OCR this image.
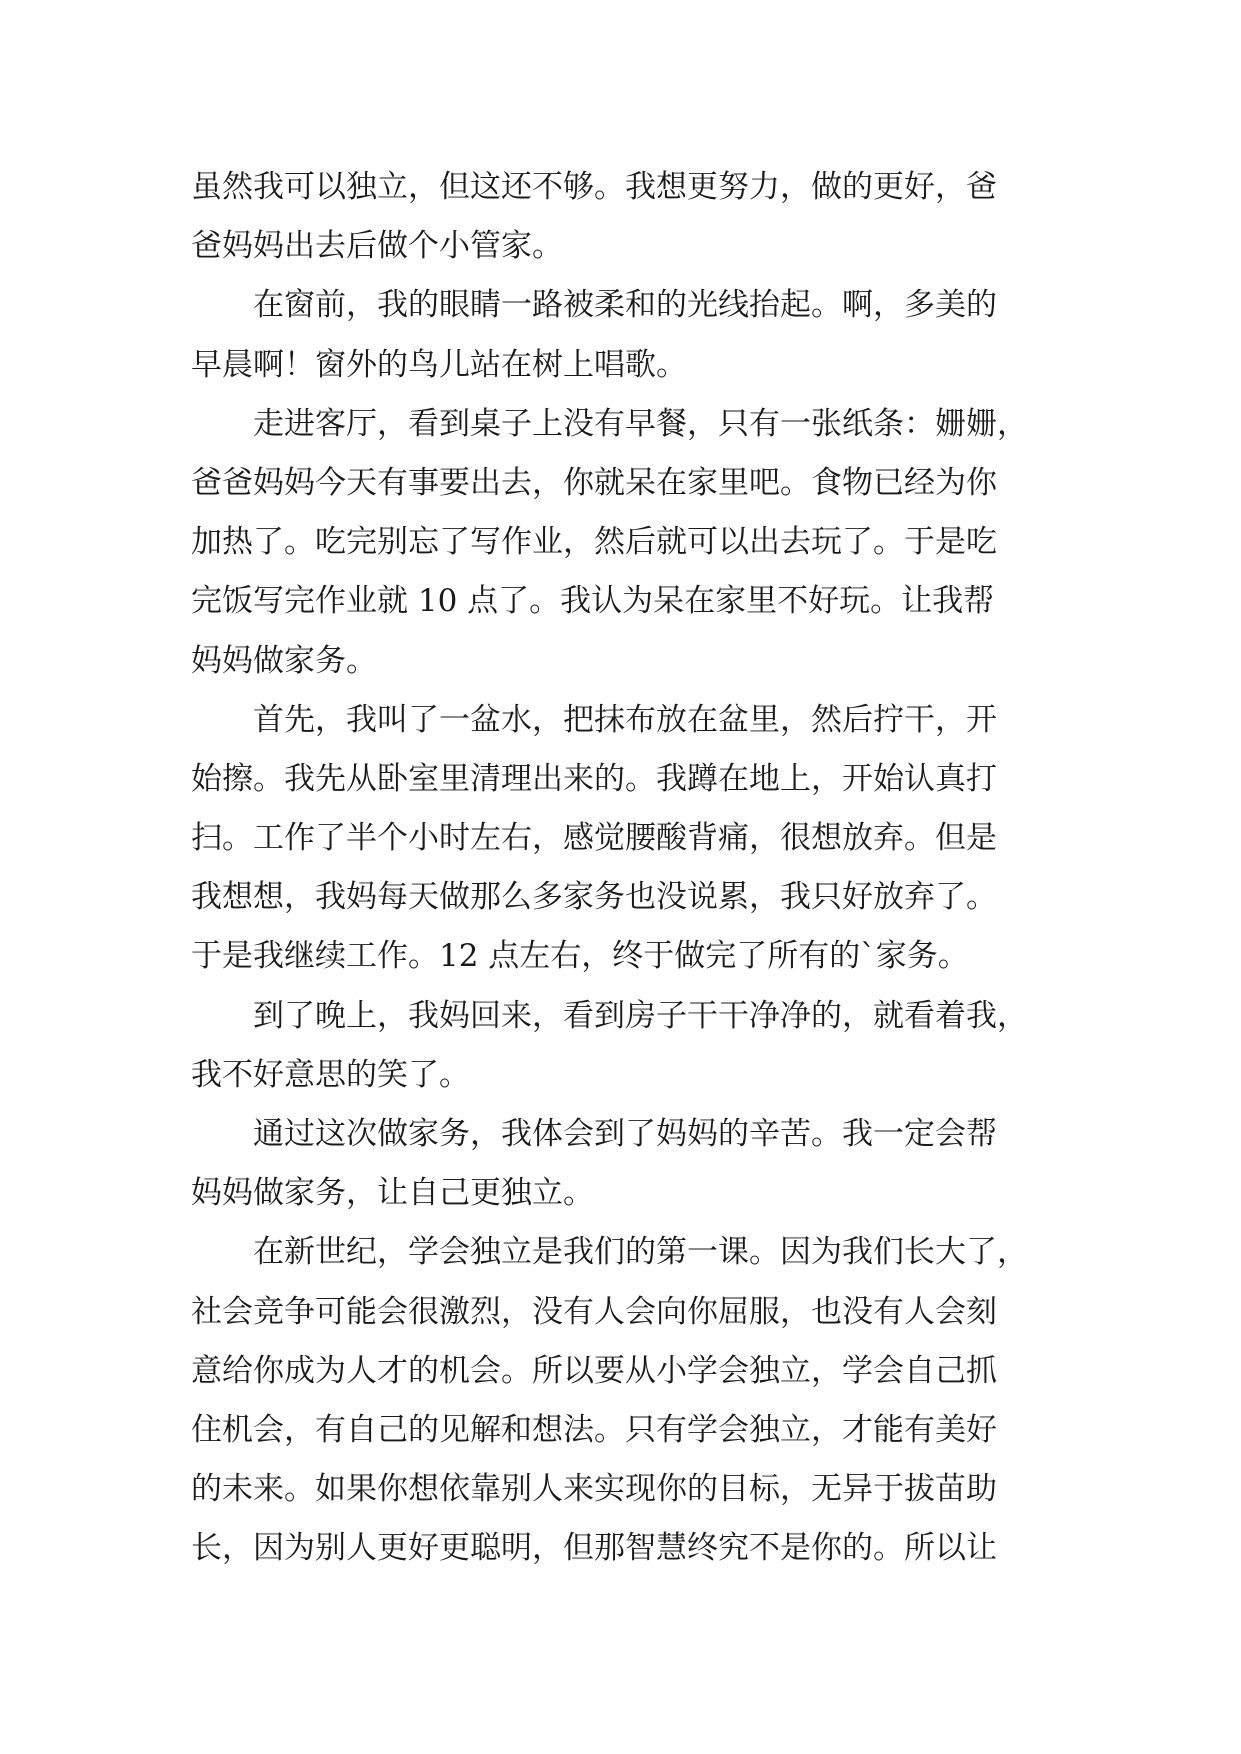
虽然我可以独立，但这还不够。我想更努力，做的更好，爸
爸妈妈出去后做个小管家。
在窗前，我的眼睛一路被柔和的光线抬起。啊，多美的
早晨啊！窗外的鸟儿站在树上唱歌。
走进客厅，看到桌子上没有早餐，只有一张纸条：姗姗，
爸爸妈妈今天有事要出去，你就呆在家里吧。食物已经为你
加热了。吃完别忘了写作业，然后就可以出去玩了。于是吃
完饭写完作业就 10 点了。我认为呆在家里不好玩。让我帮
妈妈做家务。
首先，我叫了一盆水，把抹布放在盆里，然后拧干，开
始擦。我先从卧室里清理出来的。我蹲在地上，开始认真打
扫。工作了半个小时左右，感觉腰酸背痛，很想放弃。但是
我想想，我妈每天做那么多家务也没说累，我只好放弃了。
于是我继续工作。12 点左右，终于做完了所有的`家务。
到了晚上，我妈回来，看到房子干干净净的，就看着我，
我不好意思的笑了。
通过这次做家务，我体会到了妈妈的辛苦。我一定会帮
妈妈做家务，让自己更独立。
在新世纪，学会独立是我们的第一课。因为我们长大了，
社会竞争可能会很激烈，没有人会向你屈服，也没有人会刻
意给你成为人才的机会。所以要从小学会独立，学会自己抓
住机会，有自己的见解和想法。只有学会独立，才能有美好
的未来。如果你想依靠别人来实现你的目标，无异于拔苗助
长，因为别人更好更聪明，但那智慧终究不是你的。所以让
